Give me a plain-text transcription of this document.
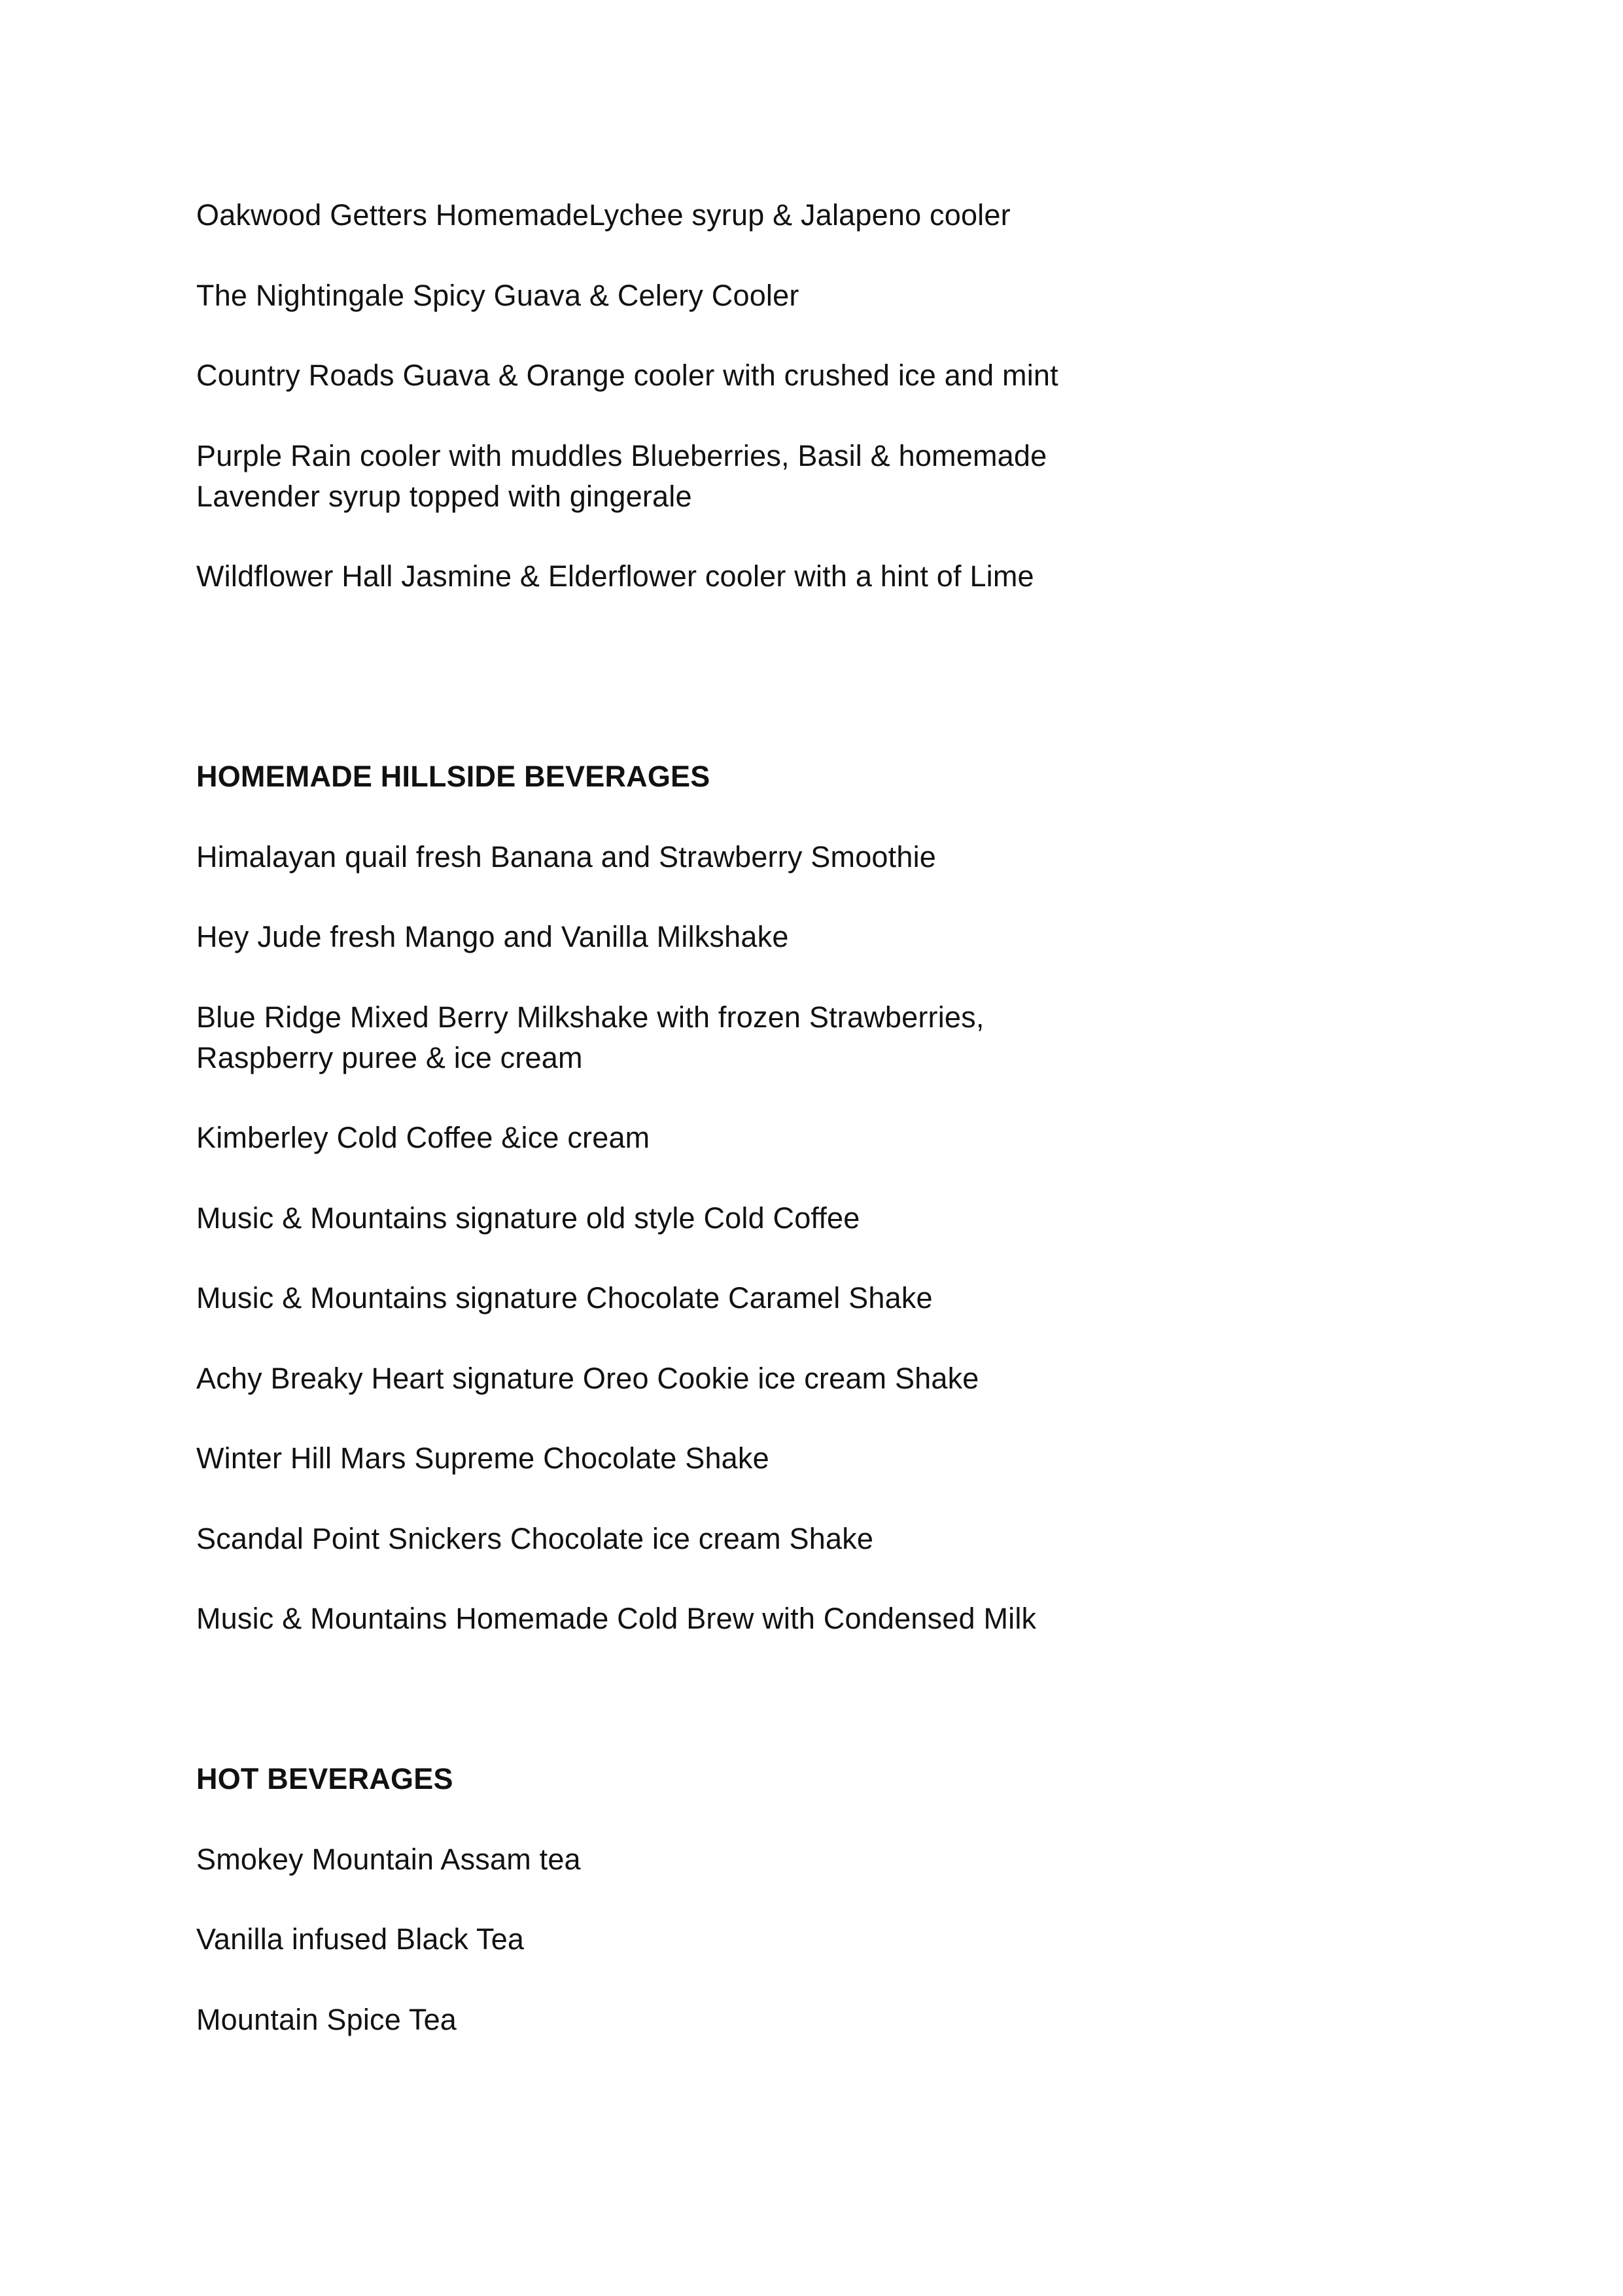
Oakwood Getters HomemadeLychee syrup & Jalapeno cooler

The Nightingale Spicy Guava & Celery Cooler

Country Roads Guava & Orange cooler with crushed ice and mint

Purple Rain cooler with muddles Blueberries, Basil & homemade

Lavender syrup topped with gingerale

Wildflower Hall Jasmine & Elderflower cooler with a hint of Lime

HOMEMADE HILLSIDE BEVERAGES

Himalayan quail fresh Banana and Strawberry Smoothie

Hey Jude fresh Mango and Vanilla Milkshake

Blue Ridge Mixed Berry Milkshake with frozen Strawberries,

Raspberry puree & ice cream

Kimberley Cold Coffee &ice cream

Music & Mountains signature old style Cold Coffee

Music & Mountains signature Chocolate Caramel Shake

Achy Breaky Heart signature Oreo Cookie ice cream Shake

Winter Hill Mars Supreme Chocolate Shake

Scandal Point Snickers Chocolate ice cream Shake

Music & Mountains Homemade Cold Brew with Condensed Milk

HOT BEVERAGES

Smokey Mountain Assam tea

Vanilla infused Black Tea

Mountain Spice Tea
